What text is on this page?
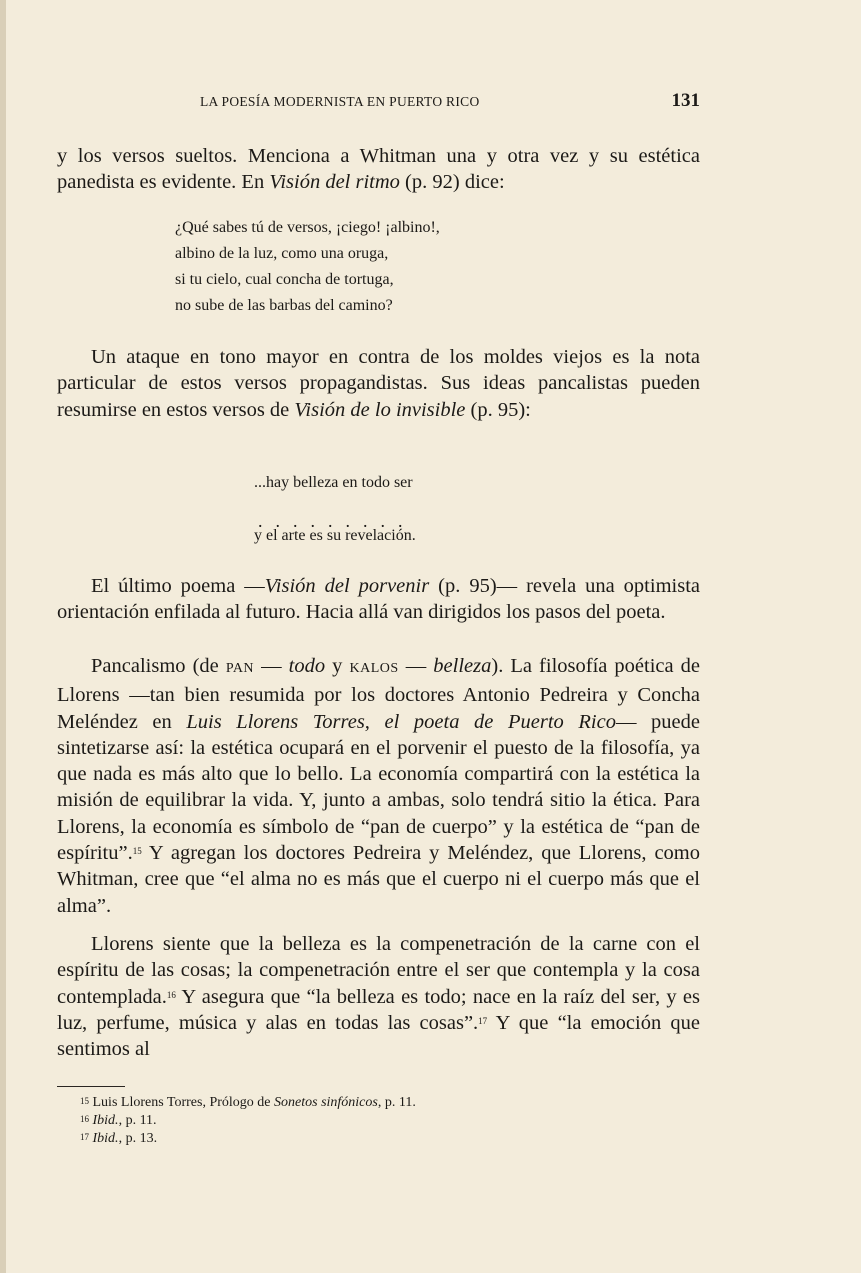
LA POESÍA MODERNISTA EN PUERTO RICO	131

y los versos sueltos. Menciona a Whitman una y otra vez y su estética panedista es evidente. En Visión del ritmo (p. 92) dice:

¿Qué sabes tú de versos, ¡ciego! ¡albino!,
albino de la luz, como una oruga,
si tu cielo, cual concha de tortuga,
no sube de las barbas del camino?

Un ataque en tono mayor en contra de los moldes viejos es la nota particular de estos versos propagandistas. Sus ideas pancalistas pueden resumirse en estos versos de Visión de lo invisible (p. 95):

...hay belleza en todo ser
.........
y el arte es su revelación.

El último poema —Visión del porvenir (p. 95)— revela una optimista orientación enfilada al futuro. Hacia allá van dirigidos los pasos del poeta.

Pancalismo (de PAN — todo y KALOS — belleza). La filosofía poética de Llorens —tan bien resumida por los doctores Antonio Pedreira y Concha Meléndez en Luis Llorens Torres, el poeta de Puerto Rico— puede sintetizarse así: la estética ocupará en el porvenir el puesto de la filosofía, ya que nada es más alto que lo bello. La economía compartirá con la estética la misión de equilibrar la vida. Y, junto a ambas, solo tendrá sitio la ética. Para Llorens, la economía es símbolo de “pan de cuerpo” y la estética de “pan de espíritu”.$^{15}$ Y agregan los doctores Pedreira y Meléndez, que Llorens, como Whitman, cree que “el alma no es más que el cuerpo ni el cuerpo más que el alma”.

Llorens siente que la belleza es la compenetración de la carne con el espíritu de las cosas; la compenetración entre el ser que contempla y la cosa contemplada.$^{16}$ Y asegura que “la belleza es todo; nace en la raíz del ser, y es luz, perfume, música y alas en todas las cosas”.$^{17}$ Y que “la emoción que sentimos al

$^{15}$ Luis Llorens Torres, Prólogo de Sonetos sinfónicos, p. 11.
$^{16}$ Ibid., p. 11.
$^{17}$ Ibid., p. 13.
